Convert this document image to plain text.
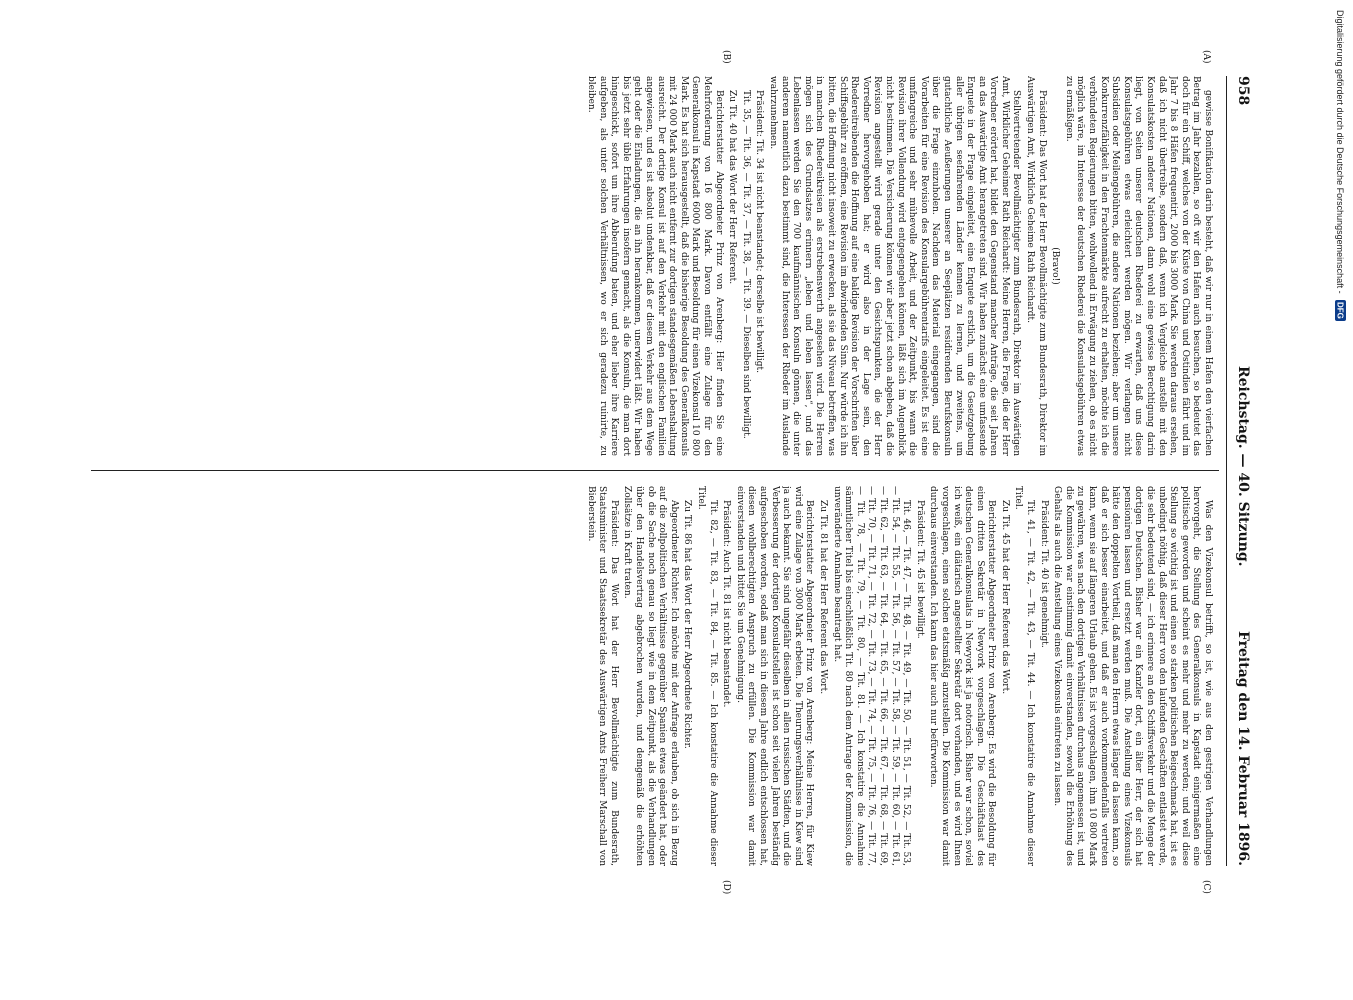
958
Reichstag. — 40. Sitzung.
Freitag den 14. Februar 1896.
(A)
(B)
(C)
(D)

gewisse Bonifikation darin besteht, daß wir nur in einem Hafen den vierfachen Betrag im Jahr bezahlen, so oft wir den Hafen auch besuchen, so bedeutet das doch für ein Schiff, welches von der Küste von China und Ostindien fährt und im Jahr 7 bis 8 Häfen frequentirt, 2000 bis 3000 Mark. Sie werden daraus ersehen, daß ich nicht übertreibe, sondern daß, wenn ich Vergleiche anstelle mit den Konsulatskosten anderer Nationen, dann wohl eine gewisse Berechtigung darin liegt, von Seiten unserer deutschen Rhederei zu erwarten, daß uns diese Konsulatsgebühren etwas erleichtert werden mögen. Wir verlangen nicht Subsidien oder Meilengebühren, die andere Nationen beziehen; aber um unsere Konkurrenzfähigkeit in den Frachtenmärkte aufrecht zu erhalten, möchte ich die verbündeten Regierungen bitten, wohlwollend in Erwägung zu ziehen, ob es nicht möglich wäre, im Interesse der deutschen Rhederei die Konsulatsgebühren etwas zu ermäßigen.

(Bravo!)

Präsident: Das Wort hat der Herr Bevollmächtigte zum Bundesrath, Direktor im Auswärtigen Amt, Wirkliche Geheime Rath Reichardt.

Stellvertretender Bevollmächtigter zum Bundesrath, Direktor im Auswärtigen Amt, Wirklicher Geheimer Rath Reichardt: Meine Herren, die Frage, die der Herr Vorredner erörtert hat, bildet den Gegenstand mancher Anträge, die seit Jahren an das Auswärtige Amt herangetreten sind. Wir haben zunächst eine umfassende Enquete in der Frage eingeleitet, eine Enquete erstlich, um die Gesetzgebung aller übrigen seefahrenden Länder kennen zu lernen, und zweitens, um gutachtliche Aeußerungen unserer an Seeplätzen residirenden Berufskonsuln über die Frage einzuholen. Nachdem das Material eingegangen, sind die Vorarbeiten für eine Revision des Konsulargebührentarifs eingeleitet. Es ist eine umfangreiche und sehr mühevolle Arbeit, und der Zeitpunkt, bis wann die Revision ihrer Vollendung wird entgegengehen können, läßt sich im Augenblick nicht bestimmen. Die Versicherung können wir aber jetzt schon abgeben, daß die Revision angestellt wird gerade unter den Gesichtspunkten, die der Herr Vorredner hervorgehoben hat; er wird also in der Lage sein, den Rhedereitreibenden die Hoffnung auf eine baldige Revision der Vorschriften über Schiffsgebühr zu eröffnen, eine Revision im abwindenden Sinn. Nur würde ich ihn bitten, die Hoffnung nicht insoweit zu erwecken, als sie das Niveau betreffen, was in manchen Rhedereikreisen als erstrebenswerth angesehen wird. Die Herren mögen sich des Grundsatzes erinnern „leben und leben lassen“, und das Lebenlassen werden Sie den 700 kaufmännischen Konsuln gönnen, die unter anderem namentlich dazu bestimmt sind, die Interessen der Rheder im Auslande wahrzunehmen.

Präsident: Tit. 34 ist nicht beanstandet; derselbe ist bewilligt.

Tit. 35, — Tit. 36, — Tit. 37, — Tit. 38, — Tit. 39. — Dieselben sind bewilligt.

Zu Tit. 40 hat das Wort der Herr Referent.

Berichterstatter Abgeordneter Prinz von Arenberg: Hier finden Sie eine Mehrforderung von 16 800 Mark. Davon entfällt eine Zulage für den Generalkonsul in Kapstadt 6000 Mark und Besoldung für einen Vizekonsul 10 800 Mark. Es hat sich herausgestellt, daß die bisherige Besoldung des Generalkonsuls mit 24 000 Mark auch nicht entfernt zur dortigen standesgemäßen Lebenshaltung ausreicht. Der dortige Konsul ist auf den Verkehr mit den englischen Familien angewiesen, und es ist absolut undenkbar, daß er diesem Verkehr aus dem Wege geht oder die Einladungen, die an ihn herankommen, unerwidert läßt. Wir haben bis jetzt sehr üble Erfahrungen insofern gemacht, als die Konsuln, die man dort hingeschickt, sofort um ihre Abberufung baten, und eher lieber ihre Karriere aufgeben, als unter solchen Verhältnissen, wo er sich geradezu ruinirte, zu bleiben.

Was den Vizekonsul betrifft, so ist, wie aus den gestrigen Verhandlungen hervorgeht, die Stellung des Generalkonsuls in Kapstadt einigermaßen eine politische geworden und scheint es mehr und mehr zu werden; und weil diese Stellung so wichtig ist und einen so starken politischen Beigeschmack hat, ist es unbedingt nöthig, daß dieser Herr von den laufenden Geschäften entlastet werde, die sehr bedeutend sind, — ich erinnere an den Schiffsverkehr und die Menge der dortigen Deutschen. Bisher war ein Kanzler dort, ein älter Herr, der sich hat pensioniren lassen und ersetzt werden muß. Die Anstellung eines Vizekonsuls hätte den doppelten Vortheil, daß man den Herrn etwas länger da lassen kann, so daß er sich besser einarbeitet, und daß er auch vorkommendenfalls vertreten kann, wenn sie auf längeren Urlaub gehen. Es ist vorgeschlagen, ihm 10 800 Mark zu gewähren, was nach den dortigen Verhältnissen durchaus angemessen ist, und die Kommission war einstimmig damit einverstanden, sowohl die Erhöhung des Gehalts als auch die Anstellung eines Vizekonsuls eintreten zu lassen.

Präsident: Tit. 40 ist genehmigt.

Tit. 41, — Tit. 42, — Tit. 43, — Tit. 44. — Ich konstatire die Annahme dieser Titel.

Zu Tit. 45 hat der Herr Referent das Wort.

Berichterstatter Abgeordneter Prinz von Arenberg: Es wird die Besoldung für einen dritten Sekretär in Newyork vorgeschlagen. Die Geschäftslast des deutschen Generalkonsulats in Newyork ist ja notorisch. Bisher war schon, soviel ich weiß, ein diätarisch angestellter Sekretär dort vorhanden, und es wird Ihnen vorgeschlagen, einen solchen etatsmäßig anzustellen. Die Kommission war damit durchaus einverstanden. Ich kann das hier auch nur befürworten.

Präsident: Tit. 45 ist bewilligt.

Tit. 46, — Tit. 47, — Tit. 48, — Tit. 49, — Tit. 50, — Tit. 51, — Tit. 52, — Tit. 53, — Tit. 54, — Tit. 55, — Tit. 56, — Tit. 57, — Tit. 58, — Tit. 59, — Tit. 60, — Tit. 61, — Tit. 62, — Tit. 63, — Tit. 64, — Tit. 65, — Tit. 66, — Tit. 67, — Tit. 68, — Tit. 69, — Tit. 70, — Tit. 71, — Tit. 72, — Tit. 73, — Tit. 74, — Tit. 75, — Tit. 76, — Tit. 77, — Tit. 78, — Tit. 79, — Tit. 80, — Tit. 81. — Ich konstatire die Annahme sämmtlicher Titel bis einschließlich Tit. 80 nach dem Antrage der Kommission, die unveränderte Annahme beantragt hat.

Zu Tit. 81 hat der Herr Referent das Wort.

Berichterstatter Abgeordneter Prinz von Arenberg: Meine Herren, für Kiew wird eine Zulage von 3000 Mark erbeten. Die Theurungsverhältnisse in Kiew sind ja auch bekannt. Sie sind ungefähr dieselben in allen russischen Städten, und die Verbesserung der dortigen Konsulatstellen ist schon seit vielen Jahren beständig aufgeschoben worden, sodaß man sich in diesem Jahre endlich entschlossen hat, diesen wohlberechtigten Anspruch zu erfüllen. Die Kommission war damit einverstanden und bittet Sie um Genehmigung.

Präsident: Auch Tit. 81 ist nicht beanstandet.

Tit. 82, — Tit. 83, — Tit. 84, — Tit. 85. — Ich konstatire die Annahme dieser Titel.

Zu Tit. 86 hat das Wort der Herr Abgeordnete Richter.

Abgeordneter Richter: Ich möchte mit der Anfrage erlauben, ob sich in Bezug auf die zollpolitischen Verhältnisse gegenüber Spanien etwas geändert hat, oder ob die Sache noch genau so liegt wie in dem Zeitpunkt, als die Verhandlungen über den Handelsvertrag abgebrochen wurden, und demgemäß die erhöhten Zollsätze in Kraft traten.

Präsident: Das Wort hat der Herr Bevollmächtigte zum Bundesrath, Staatsminister und Staatssekretär des Auswärtigen Amts Freiherr Marschall von Bieberstein.

Digitalisierung gefördert durch die Deutsche Forschungsgemeinschaft -
DFG
